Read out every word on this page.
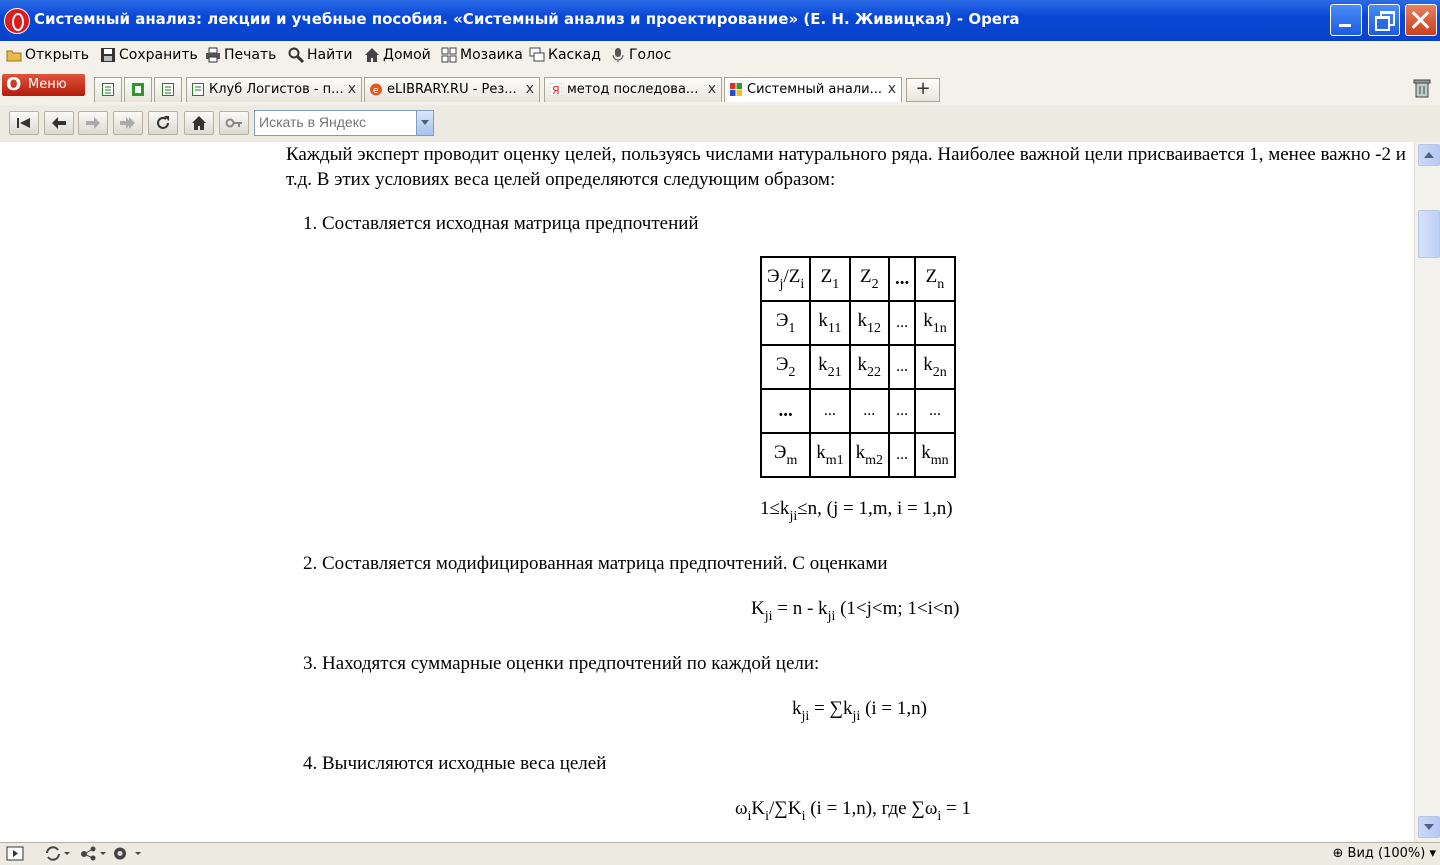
Системный анализ: лекции и учебные пособия. «Системный анализ и проектирование» (Е. Н. Живицкая) - Opera
Открыть Сохранить Печать Найти Домой Мозаика Каскад Голос
O Меню	Клуб Логистов - п... x e eLIBRARY.RU - Рез... x Я метод последова... x Системный анали... x	+
Искать в Яндекс
Каждый эксперт проводит оценку целей, пользуясь числами натурального ряда. Наиболее важной цели присваивается 1, менее важно -2 и т.д. В этих условиях веса целей определяются следующим образом:
1. Составляется исходная матрица предпочтений
$Э_j/Z_i$	$Z_1$	$Z_2$	...	$Z_n$
$Э_1$	$k_{11}$	$k_{12}$	...	$k_{1n}$
$Э_2$	$k_{21}$	$k_{22}$	...	$k_{2n}$
...	...	...	...	...
$Э_m$	$k_{m1}$	$k_{m2}$	...	$k_{mn}$
$1\le k_{ji}\le n$, (j = 1,m, i = 1,n)
2. Составляется модифицированная матрица предпочтений. С оценками
$K_{ji} = n - k_{ji}$ (1<j<m; 1<i<n)
3. Находятся суммарные оценки предпочтений по каждой цели:
$k_{ji} = \sum k_{ji}$ (i = 1,n)
4. Вычисляются исходные веса целей
$\omega_iK_i/\sum K_i$ (i = 1,n), где $\sum\omega_i = 1$
⊕ Вид (100%) ▾
